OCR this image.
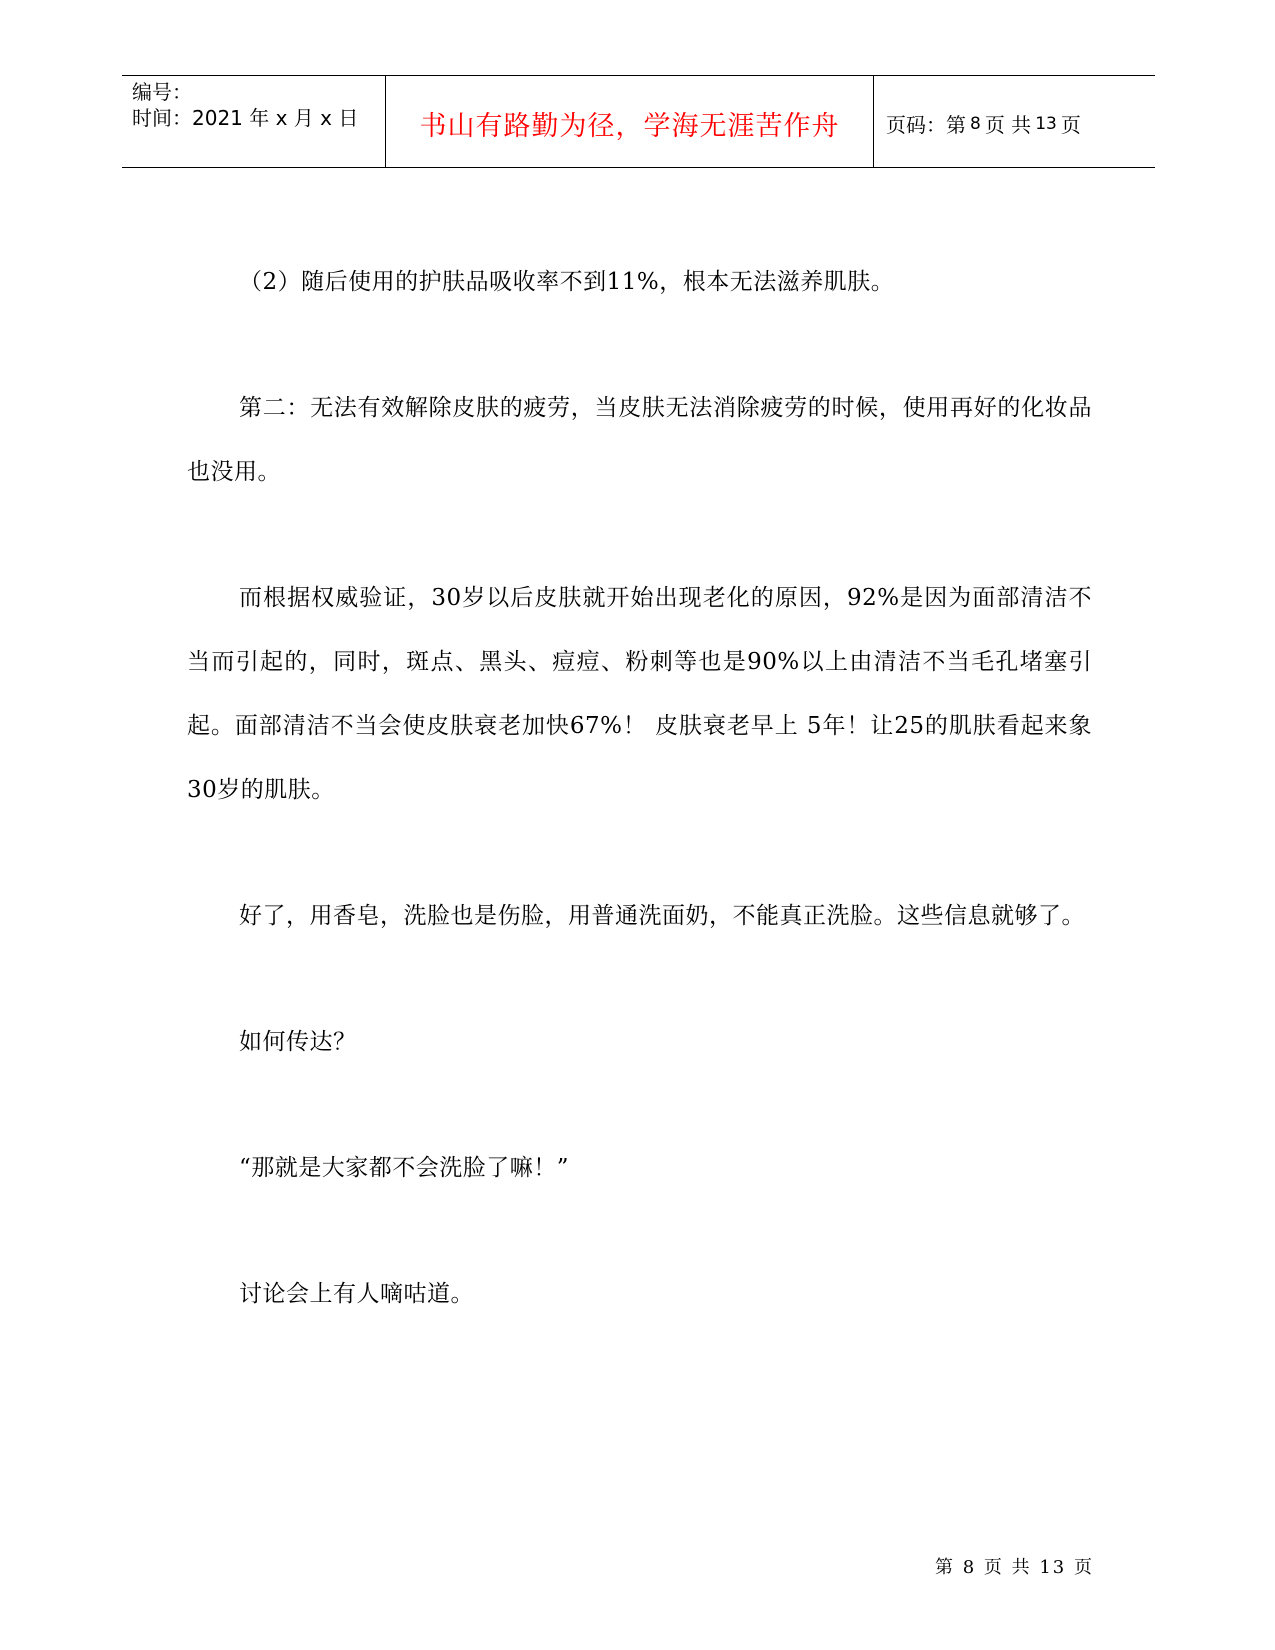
编号：
时间：2021 年 x 月 x 日	书山有路勤为径，学海无涯苦作舟 页码：第 8 页 共 13 页

（2）随后使用的护肤品吸收率不到11%，根本无法滋养肌肤。

第二：无法有效解除皮肤的疲劳，当皮肤无法消除疲劳的时候，使用再好的化妆品也没用。

而根据权威验证，30岁以后皮肤就开始出现老化的原因，92%是因为面部清洁不当而引起的，同时，斑点、黑头、痘痘、粉刺等也是90%以上由清洁不当毛孔堵塞引起。面部清洁不当会使皮肤衰老加快67%！ 皮肤衰老早上 5年！让25的肌肤看起来象30岁的肌肤。

好了，用香皂，洗脸也是伤脸，用普通洗面奶，不能真正洗脸。这些信息就够了。

如何传达？

“那就是大家都不会洗脸了嘛！”

讨论会上有人嘀咕道。

第 8 页 共 13 页
